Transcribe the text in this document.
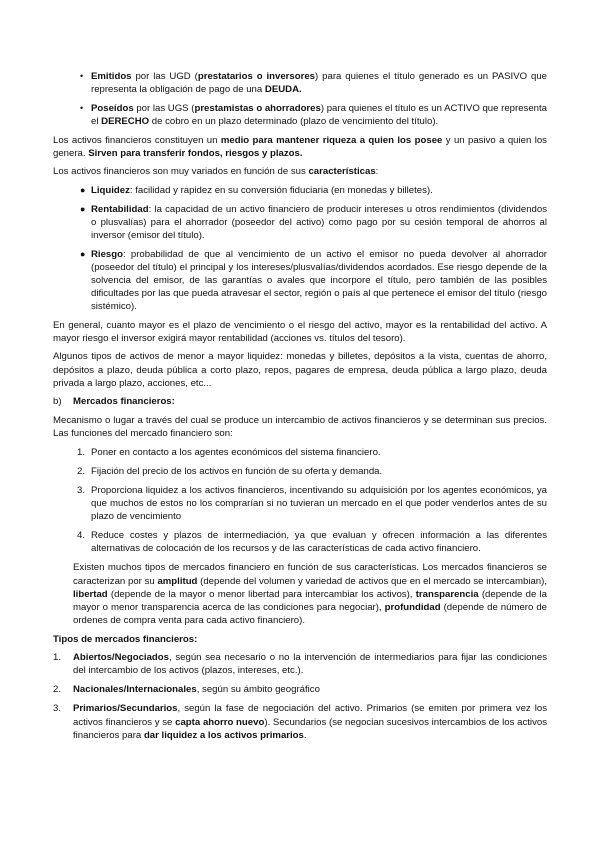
• Emitidos por las UGD (prestatarios o inversores) para quienes el título generado es un PASIVO que representa la obligación de pago de una DEUDA.
• Poseídos por las UGS (prestamistas o ahorradores) para quienes el título es un ACTIVO que representa el DERECHO de cobro en un plazo determinado (plazo de vencimiento del título).

Los activos financieros constituyen un medio para mantener riqueza a quien los posee y un pasivo a quien los genera. Sirven para transferir fondos, riesgos y plazos.

Los activos financieros son muy variados en función de sus características:

● Liquidez: facilidad y rapidez en su conversión fiduciaria (en monedas y billetes).
● Rentabilidad: la capacidad de un activo financiero de producir intereses u otros rendimientos (dividendos o plusvalías) para el ahorrador (poseedor del activo) como pago por su cesión temporal de ahorros al inversor (emisor del título).
● Riesgo: probabilidad de que al vencimiento de un activo el emisor no pueda devolver al ahorrador (poseedor del título) el principal y los intereses/plusvalías/dividendos acordados. Ese riesgo depende de la solvencia del emisor, de las garantías o avales que incorpore el título, pero también de las posibles dificultades por las que pueda atravesar el sector, región o país al que pertenece el emisor del título (riesgo sistémico).

En general, cuanto mayor es el plazo de vencimiento o el riesgo del activo, mayor es la rentabilidad del activo. A mayor riesgo el inversor exigirá mayor rentabilidad (acciones vs. títulos del tesoro).

Algunos tipos de activos de menor a mayor liquidez: monedas y billetes, depósitos a la vista, cuentas de ahorro, depósitos a plazo, deuda pública a corto plazo, repos, pagares de empresa, deuda pública a largo plazo, deuda privada a largo plazo, acciones, etc...

b) Mercados financieros:

Mecanismo o lugar a través del cual se produce un intercambio de activos financieros y se determinan sus precios. Las funciones del mercado financiero son:

1. Poner en contacto a los agentes económicos del sistema financiero.
2. Fijación del precio de los activos en función de su oferta y demanda.
3. Proporciona liquidez a los activos financieros, incentivando su adquisición por los agentes económicos, ya que muchos de estos no los comprarían si no tuvieran un mercado en el que poder venderlos antes de su plazo de vencimiento
4. Reduce costes y plazos de intermediación, ya que evaluan y ofrecen información a las diferentes alternativas de colocación de los recursos y de las características de cada activo financiero.

Existen muchos tipos de mercados financiero en función de sus características. Los mercados financieros se caracterizan por su amplitud (depende del volumen y variedad de activos que en el mercado se intercambian), libertad (depende de la mayor o menor libertad para intercambiar los activos), transparencia (depende de la mayor o menor transparencia acerca de las condiciones para negociar), profundidad (depende de número de ordenes de compra venta para cada activo financiero).

Tipos de mercados financieros:

1. Abiertos/Negociados, según sea necesario o no la intervención de intermediarios para fijar las condiciones del intercambio de los activos (plazos, intereses, etc.).
2. Nacionales/Internacionales, según su ámbito geográfico
3. Primarios/Secundarios, según la fase de negociación del activo. Primarios (se emiten por primera vez los activos financieros y se capta ahorro nuevo). Secundarios (se negocian sucesivos intercambios de los activos financieros para dar liquidez a los activos primarios.
